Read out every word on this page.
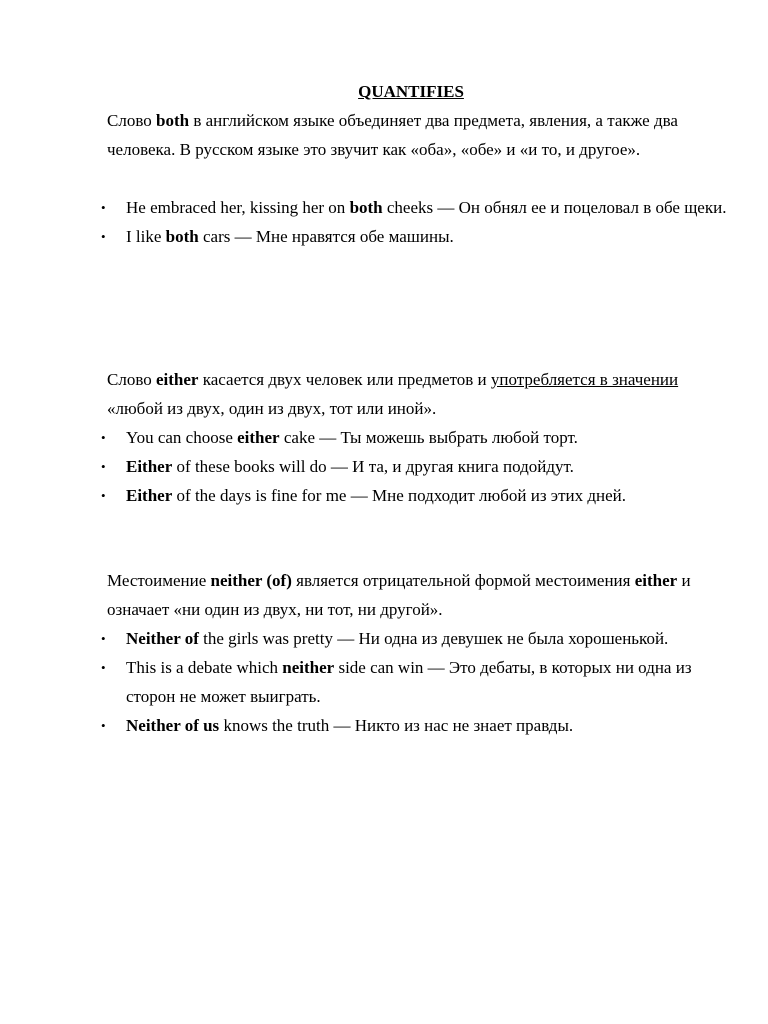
QUANTIFIES

Слово both в английском языке объединяет два предмета, явления, а также два человека. В русском языке это звучит как «оба», «обе» и «и то, и другое».

• He embraced her, kissing her on both cheeks — Он обнял ее и поцеловал в обе щеки.
• I like both cars — Мне нравятся обе машины.

Слово either касается двух человек или предметов и употребляется в значении «любой из двух, один из двух, тот или иной».

• You can choose either cake — Ты можешь выбрать любой торт.
• Either of these books will do — И та, и другая книга подойдут.
• Either of the days is fine for me — Мне подходит любой из этих дней.

Местоимение neither (of) является отрицательной формой местоимения either и означает «ни один из двух, ни тот, ни другой».

• Neither of the girls was pretty — Ни одна из девушек не была хорошенькой.
• This is a debate which neither side can win — Это дебаты, в которых ни одна из сторон не может выиграть.
• Neither of us knows the truth — Никто из нас не знает правды.
